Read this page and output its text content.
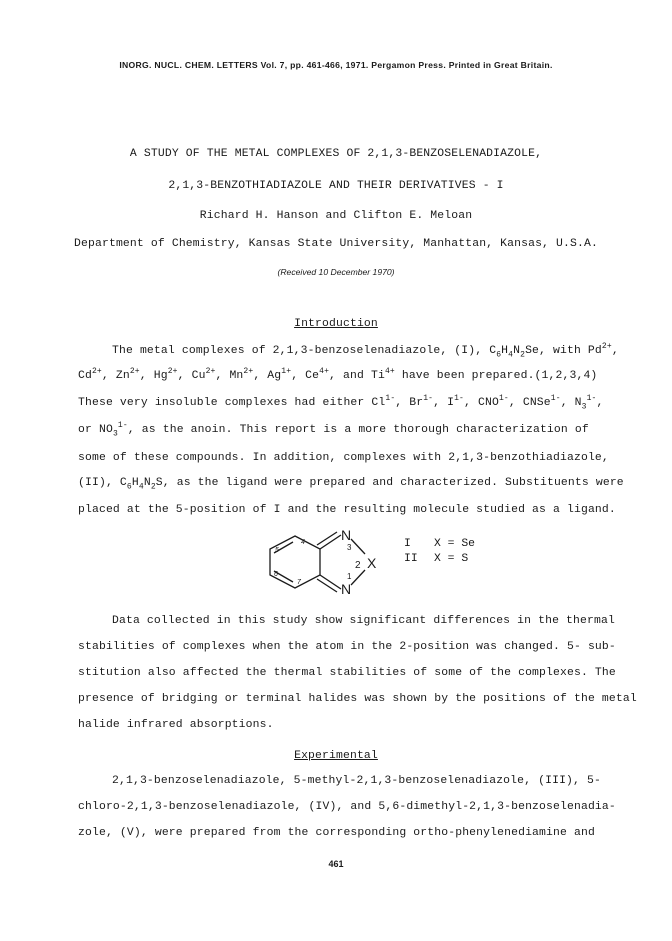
INORG. NUCL. CHEM. LETTERS Vol. 7, pp. 461-466, 1971. Pergamon Press. Printed in Great Britain.
A STUDY OF THE METAL COMPLEXES OF 2,1,3-BENZOSELENADIAZOLE,
2,1,3-BENZOTHIADIAZOLE AND THEIR DERIVATIVES - I
Richard H. Hanson and Clifton E. Meloan
Department of Chemistry, Kansas State University, Manhattan, Kansas, U.S.A.
(Received 10 December 1970)
Introduction
The metal complexes of 2,1,3-benzoselenadiazole, (I), $C_6H_4N_2Se$, with $Pd^{2+}$,
$Cd^{2+}$, $Zn^{2+}$, $Hg^{2+}$, $Cu^{2+}$, $Mn^{2+}$, $Ag^{1+}$, $Ce^{4+}$, and $Ti^{4+}$ have been prepared.(1,2,3,4)
These very insoluble complexes had either $Cl^{1-}$, $Br^{1-}$, $I^{1-}$, $CNO^{1-}$, CNSe$^{1-}$, $N_3^{1-}$,
or $NO_3^{1-}$, as the anoin. This report is a more thorough characterization of
some of these compounds. In addition, complexes with 2,1,3-benzothiadiazole,
(II), $C_6H_4N_2S$, as the ligand were prepared and characterized. Substituents were
placed at the 5-position of I and the resulting molecule studied as a ligand.
N
N
X
3
2
1
4
5
6
7
I X = Se
II X = S
Data collected in this study show significant differences in the thermal
stabilities of complexes when the atom in the 2-position was changed. 5- sub-
stitution also affected the thermal stabilities of some of the complexes. The
presence of bridging or terminal halides was shown by the positions of the metal
halide infrared absorptions.
Experimental
2,1,3-benzoselenadiazole, 5-methyl-2,1,3-benzoselenadiazole, (III), 5-
chloro-2,1,3-benzoselenadiazole, (IV), and 5,6-dimethyl-2,1,3-benzoselenadia-
zole, (V), were prepared from the corresponding ortho-phenylenediamine and
461
